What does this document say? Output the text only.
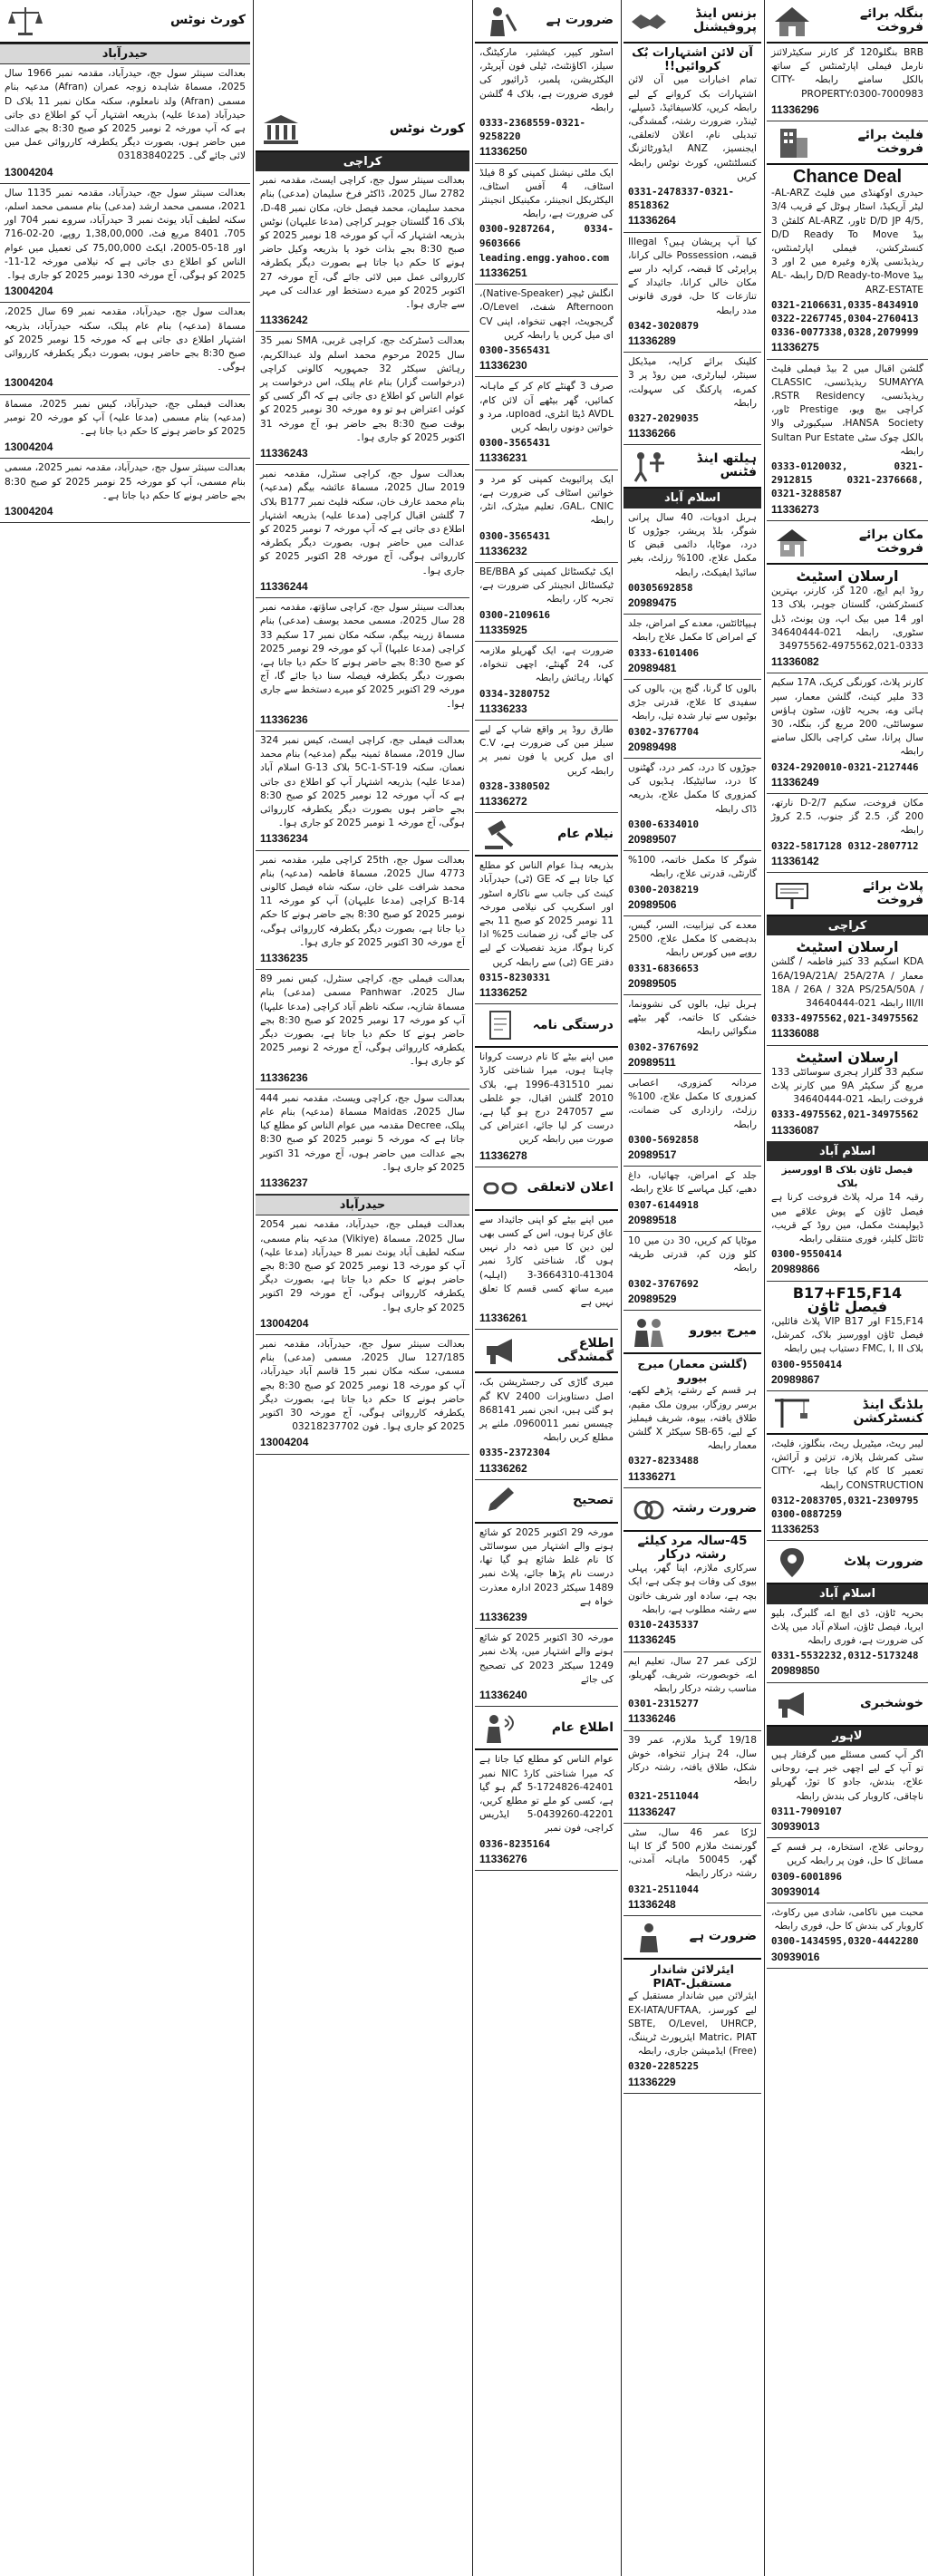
بنگلہ برائے فروخت

BRB بنگلو120 گز کارنر سکیٹرلائنز نارمل فیملی اپارٹمنٹس کے ساتھ بالکل سامنے رابطہ CITY-PROPERTY:0300-7000983

11336296
فلیٹ برائے فروخت
Chance Deal

حیدری اوکھنڈی میں فلیٹ AL-ARZ-لیٹر آریکیڈ، اسٹار ہوٹل کے قریب 3/4 ,4/5 D/D JP ٹاور، AL-ARZ کلفٹن 3 بیڈ D/D Ready To Move کنسٹرکشن، فیملی اپارٹمنٹس، ریذیڈنسی پلازہ وغیرہ میں 2 اور 3 بیڈ D/D Ready-to-Move رابطہ AL-ARZ-ESTATE

0321-2106631,0335-8434910 0322-2267745,0304-2760413 0336-0077338,0328,2079999

11336275

گلشن اقبال میں 2 بیڈ فیملی فلیٹ SUMAYYA ریذیڈنسی، CLASSIC ریذیڈنسی، RSTR Residency، کراچی بیچ ویو، Prestige ٹاور، HANSA Society، سیکیورٹی والا بالکل چوک سٹی Sultan Pur Estate رابطہ

0333-0120032, 0321-2912815 0321-2376668, 0321-3288587

11336273
مکان برائے فروخت
ارسلان اسٹیٹ

روڈ ایم ایچ، 120 گز، کارنر، بہترین کنسٹرکشن، گلستان جوہر، بلاک 13 اور 14 میں بیک اپ، ون یونٹ، ڈبل سٹوری، رابطہ 021-34640444 0333-4975562,021-34975562

11336082

کارنر پلاٹ، کورنگی کریک، 17A سکیم 33 ملیر کینٹ، گلشن معمار، سپر ہائی وے، بحریہ ٹاؤن، سٹون ہاؤس سوسائٹی، 200 مربع گز، بنگلہ، 30 سال پرانا، سٹی کراچی بالکل سامنے رابطہ

0324-2920010-0321-2127446

11336249

مکان فروخت، سکیم 7/D-2 نارتھ، 200 گز، 2.5 گز جنوب، 2.5 کروڑ رابطہ

0322-5817128 0312-2807712

11336142
پلاٹ برائے فروخت
کراچی
ارسلان اسٹیٹ

KDA اسکیم 33 کنیز فاطمہ / گلشن معمار 16A/19A/21A/ 25A/27A / 18A / 26A / 32A PS/25A/50A / III/II رابطہ 021-34640444

0333-4975562,021-34975562

11336088
ارسلان اسٹیٹ

سکیم 33 گلزار ہجری سوسائٹی 133 مربع گز سکیٹر 9A میں کارنر پلاٹ فروخت رابطہ 021-34640444

0333-4975562,021-34975562

11336087
اسلام آباد
فیصل ٹاؤن بلاک B اوورسیز بلاک

رقبہ 14 مرلہ پلاٹ فروخت کرنا ہے فیصل ٹاؤن کے پوش علاقے میں ڈیولپمنٹ مکمل، مین روڈ کے قریب، ٹائٹل کلیئر، فوری منتقلی رابطہ

0300-9550414

20989866
B17+F15,F14 فیصل ٹاؤن

F15,F14 اور VIP B17 پلاٹ فائلیں، فیصل ٹاؤن اوورسیز بلاک، کمرشل، بلاک FMC, I, II دستیاب ہیں رابطہ

0300-9550414

20989867
بلڈنگ اینڈ کنسٹرکشن

لیبر ریٹ، میٹیریل ریٹ، بنگلوز، فلیٹ، سٹی کمرشل پلازہ، تزئین و آرائش، تعمیر کا کام کیا جاتا ہے، CITY-CONSTRUCTION رابطہ

0312-2083705,0321-2309795 0300-0887259

11336253
ضرورت پلاٹ
اسلام آباد

بحریہ ٹاؤن، ڈی ایچ اے، گلبرگ، بلیو ایریا، فیصل ٹاؤن، اسلام آباد میں پلاٹ کی ضرورت ہے، فوری رابطہ

0331-5532232,0312-5173248

20989850
خوشخبری
لاہور

اگر آپ کسی مسئلے میں گرفتار ہیں تو آپ کے لیے اچھی خبر ہے، روحانی علاج، بندش، جادو کا توڑ، گھریلو ناچاقی، کاروبار کی بندش رابطہ

0311-7909107

30939013

روحانی علاج، استخارہ، ہر قسم کے مسائل کا حل، فون پر رابطہ کریں

0309-6001896

30939014

محبت میں ناکامی، شادی میں رکاوٹ، کاروبار کی بندش کا حل، فوری رابطہ

0300-1434595,0320-4442280

30939016
بزنس اینڈ پروفیشنل
آن لائن اشتہارات بُک کروائیں!!

تمام اخبارات میں آن لائن اشتہارات بک کروانے کے لیے رابطہ کریں، کلاسیفائیڈ، ڈسپلے، ٹینڈر، ضرورت رشتہ، گمشدگی، تبدیلی نام، اعلان لاتعلقی، ایجنسیز، ANZ ایڈورٹائزنگ کنسلٹنٹس، کورٹ نوٹس رابطہ کریں

0331-2478337-0321-8518362

11336264

کیا آپ پریشان ہیں؟ Illegal قبضہ، Possession خالی کرانا، پراپرٹی کا قبضہ، کرایہ دار سے مکان خالی کرانا، جائیداد کے تنازعات کا حل، فوری قانونی مدد رابطہ

0342-3020879

11336289

کلینک برائے کرایہ، میڈیکل سینٹر، لیبارٹری، مین روڈ پر 3 کمرے، پارکنگ کی سہولت، رابطہ

0327-2029035

11336266
ہیلتھ اینڈ فٹنس
اسلام آباد

ہربل ادویات، 40 سال پرانی شوگر، بلڈ پریشر، جوڑوں کا درد، موٹاپا، دائمی قبض کا مکمل علاج، 100% رزلٹ، بغیر سائیڈ ایفیکٹ، رابطہ

00305692858

20989475

ہیپاٹائٹس، معدے کے امراض، جلد کے امراض کا مکمل علاج رابطہ

0333-6101406

20989481

بالوں کا گرنا، گنج پن، بالوں کی سفیدی کا علاج، قدرتی جڑی بوٹیوں سے تیار شدہ تیل، رابطہ

0302-3767704

20989498

جوڑوں کا درد، کمر درد، گھٹنوں کا درد، سائیٹیکا، ہڈیوں کی کمزوری کا مکمل علاج، بذریعہ ڈاک رابطہ

0300-6334010

20989507

شوگر کا مکمل خاتمہ، 100% گارنٹی، قدرتی علاج، رابطہ

0300-2038219

20989506

معدے کی تیزابیت، السر، گیس، بدہضمی کا مکمل علاج، 2500 روپے میں کورس رابطہ

0331-6836653

20989505

ہربل تیل، بالوں کی نشوونما، خشکی کا خاتمہ، گھر بیٹھے منگوائیں رابطہ

0302-3767692

20989511

مردانہ کمزوری، اعصابی کمزوری کا مکمل علاج، 100% رزلٹ، رازداری کی ضمانت، رابطہ

0300-5692858

20989517

جلد کے امراض، چھائیاں، داغ دھبے، کیل مہاسے کا علاج رابطہ

0307-6144918

20989518

موٹاپا کم کریں، 30 دن میں 10 کلو وزن کم، قدرتی طریقہ رابطہ

0302-3767692

20989529
میرج بیورو
(گلشن معمار) میرج بیورو

ہر قسم کے رشتے، پڑھے لکھے، برسر روزگار، بیرون ملک مقیم، طلاق یافتہ، بیوہ، شریف فیملیز کے لیے، SB-65 سیکٹر X گلشن معمار رابطہ

0327-8233488

11336271
ضرورت رشتہ
45-سالہ مرد کیلئے رشتہ درکار

سرکاری ملازم، اپنا گھر، پہلی بیوی کی وفات ہو چکی ہے، ایک بچہ ہے، سادہ اور شریف خاتون سے رشتہ مطلوب ہے، رابطہ

0310-2435337

11336245

لڑکی عمر 27 سال، تعلیم ایم اے، خوبصورت، شریف، گھریلو، مناسب رشتہ درکار رابطہ

0301-2315277

11336246

19/18 گریڈ ملازم، عمر 39 سال، 24 ہزار تنخواہ، خوش شکل، طلاق یافتہ، رشتہ درکار رابطہ

0321-2511044

11336247

لڑکا عمر 46 سال، سٹی گورنمنٹ ملازم 500 گز کا اپنا گھر، 50045 ماہانہ آمدنی، رشتہ درکار رابطہ

0321-2511044

11336248
ضرورت ہے
ایئرلائن شاندار مستقبل-PIAT

ایئرلائن میں شاندار مستقبل کے لیے کورسز، EX-IATA/UFTAA, SBTE, O/Level, UHRCP, Matric، PIAT ایئرپورٹ ٹریننگ، (Free) ایڈمیشن جاری، رابطہ

0320-2285225

11336229
ضرورت ہے

اسٹور کیپر، کیشئیر، مارکیٹنگ، سیلز، اکاؤنٹنٹ، ٹیلی فون آپریٹر، الیکٹریشن، پلمبر، ڈرائیور کی فوری ضرورت ہے، بلاک 4 گلشن رابطہ

0333-2368559-0321-9258220

11336250

ایک ملٹی نیشنل کمپنی کو 8 فیلڈ اسٹاف، 4 آفس اسٹاف، الیکٹریکل انجینئر، مکینیکل انجینئر کی ضرورت ہے، رابطہ

0300-9287264, 0334-9603666

leading.engg.yahoo.com

11336251

انگلش ٹیچر (Native-Speaker)، Afternoon شفٹ، O/Level، گریجویٹ، اچھی تنخواہ، اپنی CV ای میل کریں یا رابطہ کریں

0300-3565431

11336230

صرف 3 گھنٹے کام کر کے ماہانہ کمائیں، گھر بیٹھے آن لائن کام، AVDL ڈیٹا انٹری، upload، مرد و خواتین دونوں رابطہ کریں

0300-3565431

11336231

ایک پرائیویٹ کمپنی کو مرد و خواتین اسٹاف کی ضرورت ہے، GAL، CNIC، تعلیم میٹرک، انٹر، رابطہ

0300-3565431

11336232

ایک ٹیکسٹائل کمپنی کو BE/BBA ٹیکسٹائل انجینئر کی ضرورت ہے، تجربہ کار، رابطہ

0300-2109616

11335925

ضرورت ہے، ایک گھریلو ملازمہ کی، 24 گھنٹے، اچھی تنخواہ، کھانا، رہائش رابطہ

0334-3280752

11336233

طارق روڈ پر واقع شاپ کے لیے سیلز مین کی ضرورت ہے، C.V ای میل کریں یا فون نمبر پر رابطہ کریں

0328-3380502

11336272
نیلام عام

بذریعہ ہذا عوام الناس کو مطلع کیا جاتا ہے کہ GE (ٹی) حیدرآباد کینٹ کی جانب سے ناکارہ اسٹور اور اسکریپ کی نیلامی مورخہ 11 نومبر 2025 کو صبح 11 بجے کی جائے گی، زرِ ضمانت 25% ادا کرنا ہوگا، مزید تفصیلات کے لیے دفتر GE (ٹی) سے رابطہ کریں

0315-8230331

11336252
درستگی نامہ

میں اپنے بیٹے کا نام درست کروانا چاہتا ہوں، میرا شناختی کارڈ نمبر 431510-1996 ہے، بلاک 2010 گلشن اقبال، جو غلطی سے 247057 درج ہو گیا ہے، درست کر لیا جائے، اعتراض کی صورت میں رابطہ کریں

11336278
اعلان لاتعلقی

میں اپنے بیٹے کو اپنی جائیداد سے عاق کرتا ہوں، اس کے کسی بھی لین دین کا میں ذمہ دار نہیں ہوں گا، شناختی کارڈ نمبر 41304-3664310-3 (اہلیہ) میرے ساتھ کسی قسم کا تعلق نہیں ہے

11336261
اطلاع گمشدگی

میری گاڑی کی رجسٹریشن بک، اصل دستاویزات KV 2400 گم ہو گئی ہیں، انجن نمبر 868141 چیسس نمبر 0960011، ملنے پر مطلع کریں رابطہ

0335-2372304

11336262
تصحیح

مورخہ 29 اکتوبر 2025 کو شائع ہونے والے اشتہار میں سوسائٹی کا نام غلط شائع ہو گیا تھا، درست نام پڑھا جائے، پلاٹ نمبر 1489 سیکٹر 2023 ادارہ معذرت خواہ ہے

11336239

مورخہ 30 اکتوبر 2025 کو شائع ہونے والے اشتہار میں، پلاٹ نمبر 1249 سیکٹر 2023 کی تصحیح کی جائے

11336240
اطلاع عام

عوام الناس کو مطلع کیا جاتا ہے کہ میرا شناختی کارڈ NIC نمبر 42401-1724826-5 گم ہو گیا ہے، کسی کو ملے تو مطلع کریں، 42201-0439260-5 ایڈریس کراچی، فون نمبر

0336-8235164

11336276
کورٹ نوٹس
کراچی

بعدالت سینئر سول جج، کراچی ایسٹ، مقدمہ نمبر 2782 سال 2025، ڈاکٹر فرخ سلیمان (مدعی) بنام محمد سلیمان، محمد فیصل خان، مکان نمبر D-48، بلاک 16 گلستان جوہر کراچی (مدعا علیہان) نوٹس بذریعہ اشتہار کہ آپ کو مورخہ 18 نومبر 2025 کو صبح 8:30 بجے بذات خود یا بذریعہ وکیل حاضر ہونے کا حکم دیا جاتا ہے بصورت دیگر یکطرفہ کارروائی عمل میں لائی جائے گی، آج مورخہ 27 اکتوبر 2025 کو میرے دستخط اور عدالت کی مہر سے جاری ہوا۔

11336242

بعدالت ڈسٹرکٹ جج، کراچی غربی، SMA نمبر 35 سال 2025 مرحوم محمد اسلم ولد عبدالکریم، رہائش سیکٹر 32 جمہوریہ کالونی کراچی (درخواست گزار) بنام عام پبلک، اس درخواست پر عوام الناس کو اطلاع دی جاتی ہے کہ اگر کسی کو کوئی اعتراض ہو تو وہ مورخہ 30 نومبر 2025 کو بوقت صبح 8:30 بجے حاضر ہو، آج مورخہ 31 اکتوبر 2025 کو جاری ہوا۔

11336243

بعدالت سول جج، کراچی سنٹرل، مقدمہ نمبر 2019 سال 2025، مسماۃ عائشہ بیگم (مدعیہ) بنام محمد عارف خان، سکنہ فلیٹ نمبر B177 بلاک 7 گلشن اقبال کراچی (مدعا علیہ) بذریعہ اشتہار اطلاع دی جاتی ہے کہ آپ مورخہ 7 نومبر 2025 کو عدالت میں حاضر ہوں، بصورت دیگر یکطرفہ کارروائی ہوگی، آج مورخہ 28 اکتوبر 2025 کو جاری ہوا۔

11336244

بعدالت سینئر سول جج، کراچی ساؤتھ، مقدمہ نمبر 28 سال 2025، مسمی محمد یوسف (مدعی) بنام مسماۃ زرینہ بیگم، سکنہ مکان نمبر 17 سکیم 33 کراچی (مدعا علیہا) آپ کو مورخہ 29 نومبر 2025 کو صبح 8:30 بجے حاضر ہونے کا حکم دیا جاتا ہے، بصورت دیگر یکطرفہ فیصلہ سنا دیا جائے گا، آج مورخہ 29 اکتوبر 2025 کو میرے دستخط سے جاری ہوا۔

11336236

بعدالت فیملی جج، کراچی ایسٹ، کیس نمبر 324 سال 2019، مسماۃ ثمینہ بیگم (مدعیہ) بنام محمد نعمان، سکنہ 5C-1-ST-19 بلاک G-13 اسلام آباد (مدعا علیہ) بذریعہ اشتہار آپ کو اطلاع دی جاتی ہے کہ آپ مورخہ 12 نومبر 2025 کو صبح 8:30 بجے حاضر ہوں بصورت دیگر یکطرفہ کارروائی ہوگی، آج مورخہ 1 نومبر 2025 کو جاری ہوا۔

11336234

بعدالت سول جج، 25th کراچی ملیر، مقدمہ نمبر 4773 سال 2025، مسماۃ فاطمہ (مدعیہ) بنام محمد شرافت علی خان، سکنہ شاہ فیصل کالونی 14-B کراچی (مدعا علیہان) آپ کو مورخہ 11 نومبر 2025 کو صبح 8:30 بجے حاضر ہونے کا حکم دیا جاتا ہے، بصورت دیگر یکطرفہ کارروائی ہوگی، آج مورخہ 30 اکتوبر 2025 کو جاری ہوا۔

11336235

بعدالت فیملی جج، کراچی سنٹرل، کیس نمبر 89 سال 2025، Panhwar مسمی (مدعی) بنام مسماۃ شازیہ، سکنہ ناظم آباد کراچی (مدعا علیہا) آپ کو مورخہ 17 نومبر 2025 کو صبح 8:30 بجے حاضر ہونے کا حکم دیا جاتا ہے، بصورت دیگر یکطرفہ کارروائی ہوگی، آج مورخہ 2 نومبر 2025 کو جاری ہوا۔

11336236

بعدالت سول جج، کراچی ویسٹ، مقدمہ نمبر 444 سال 2025، Maidas مسماۃ (مدعیہ) بنام عام پبلک، Decree مقدمہ میں عوام الناس کو مطلع کیا جاتا ہے کہ مورخہ 5 نومبر 2025 کو صبح 8:30 بجے عدالت میں حاضر ہوں، آج مورخہ 31 اکتوبر 2025 کو جاری ہوا۔

11336237
حیدرآباد

بعدالت فیملی جج، حیدرآباد، مقدمہ نمبر 2054 سال 2025، مسماۃ (Vikiye) مدعیہ بنام مسمی، سکنہ لطیف آباد یونٹ نمبر 8 حیدرآباد (مدعا علیہ) آپ کو مورخہ 13 نومبر 2025 کو صبح 8:30 بجے حاضر ہونے کا حکم دیا جاتا ہے، بصورت دیگر یکطرفہ کارروائی ہوگی، آج مورخہ 29 اکتوبر 2025 کو جاری ہوا۔

13004204

بعدالت سینئر سول جج، حیدرآباد، مقدمہ نمبر 127/185 سال 2025، مسمی (مدعی) بنام مسمی، سکنہ مکان نمبر 15 قاسم آباد حیدرآباد، آپ کو مورخہ 18 نومبر 2025 کو صبح 8:30 بجے حاضر ہونے کا حکم دیا جاتا ہے، بصورت دیگر یکطرفہ کارروائی ہوگی، آج مورخہ 30 اکتوبر 2025 کو جاری ہوا۔ فون 03218237702

13004204
کورٹ نوٹس
حیدرآباد

بعدالت سینئر سول جج، حیدرآباد، مقدمہ نمبر 1966 سال 2025، مسماۃ شاہدہ زوجہ عمران (Afran) مدعیہ بنام مسمی (Afran) ولد نامعلوم، سکنہ مکان نمبر 11 بلاک D حیدرآباد (مدعا علیہ) بذریعہ اشتہار آپ کو اطلاع دی جاتی ہے کہ آپ مورخہ 2 نومبر 2025 کو صبح 8:30 بجے عدالت میں حاضر ہوں، بصورت دیگر یکطرفہ کارروائی عمل میں لائی جائے گی۔ 03183840225

13004204

بعدالت سینئر سول جج، حیدرآباد، مقدمہ نمبر 1135 سال 2021، مسمی محمد ارشد (مدعی) بنام مسمی محمد اسلم، سکنہ لطیف آباد یونٹ نمبر 3 حیدرآباد، سروے نمبر 704 اور 705، 8401 مربع فٹ، 1,38,00,000 روپے، 20-02-716 اور 18-05-2005، ایکٹ 75,00,000 کی تعمیل میں عوام الناس کو اطلاع دی جاتی ہے کہ نیلامی مورخہ 12-11-2025 کو ہوگی، آج مورخہ 130 نومبر 2025 کو جاری ہوا۔

13004204

بعدالت سول جج، حیدرآباد، مقدمہ نمبر 69 سال 2025، مسماۃ (مدعیہ) بنام عام پبلک، سکنہ حیدرآباد، بذریعہ اشتہار اطلاع دی جاتی ہے کہ مورخہ 15 نومبر 2025 کو صبح 8:30 بجے حاضر ہوں، بصورت دیگر یکطرفہ کارروائی ہوگی۔

13004204

بعدالت فیملی جج، حیدرآباد، کیس نمبر 2025، مسماۃ (مدعیہ) بنام مسمی (مدعا علیہ) آپ کو مورخہ 20 نومبر 2025 کو حاضر ہونے کا حکم دیا جاتا ہے۔

13004204

بعدالت سینئر سول جج، حیدرآباد، مقدمہ نمبر 2025، مسمی بنام مسمی، آپ کو مورخہ 25 نومبر 2025 کو صبح 8:30 بجے حاضر ہونے کا حکم دیا جاتا ہے۔

13004204
